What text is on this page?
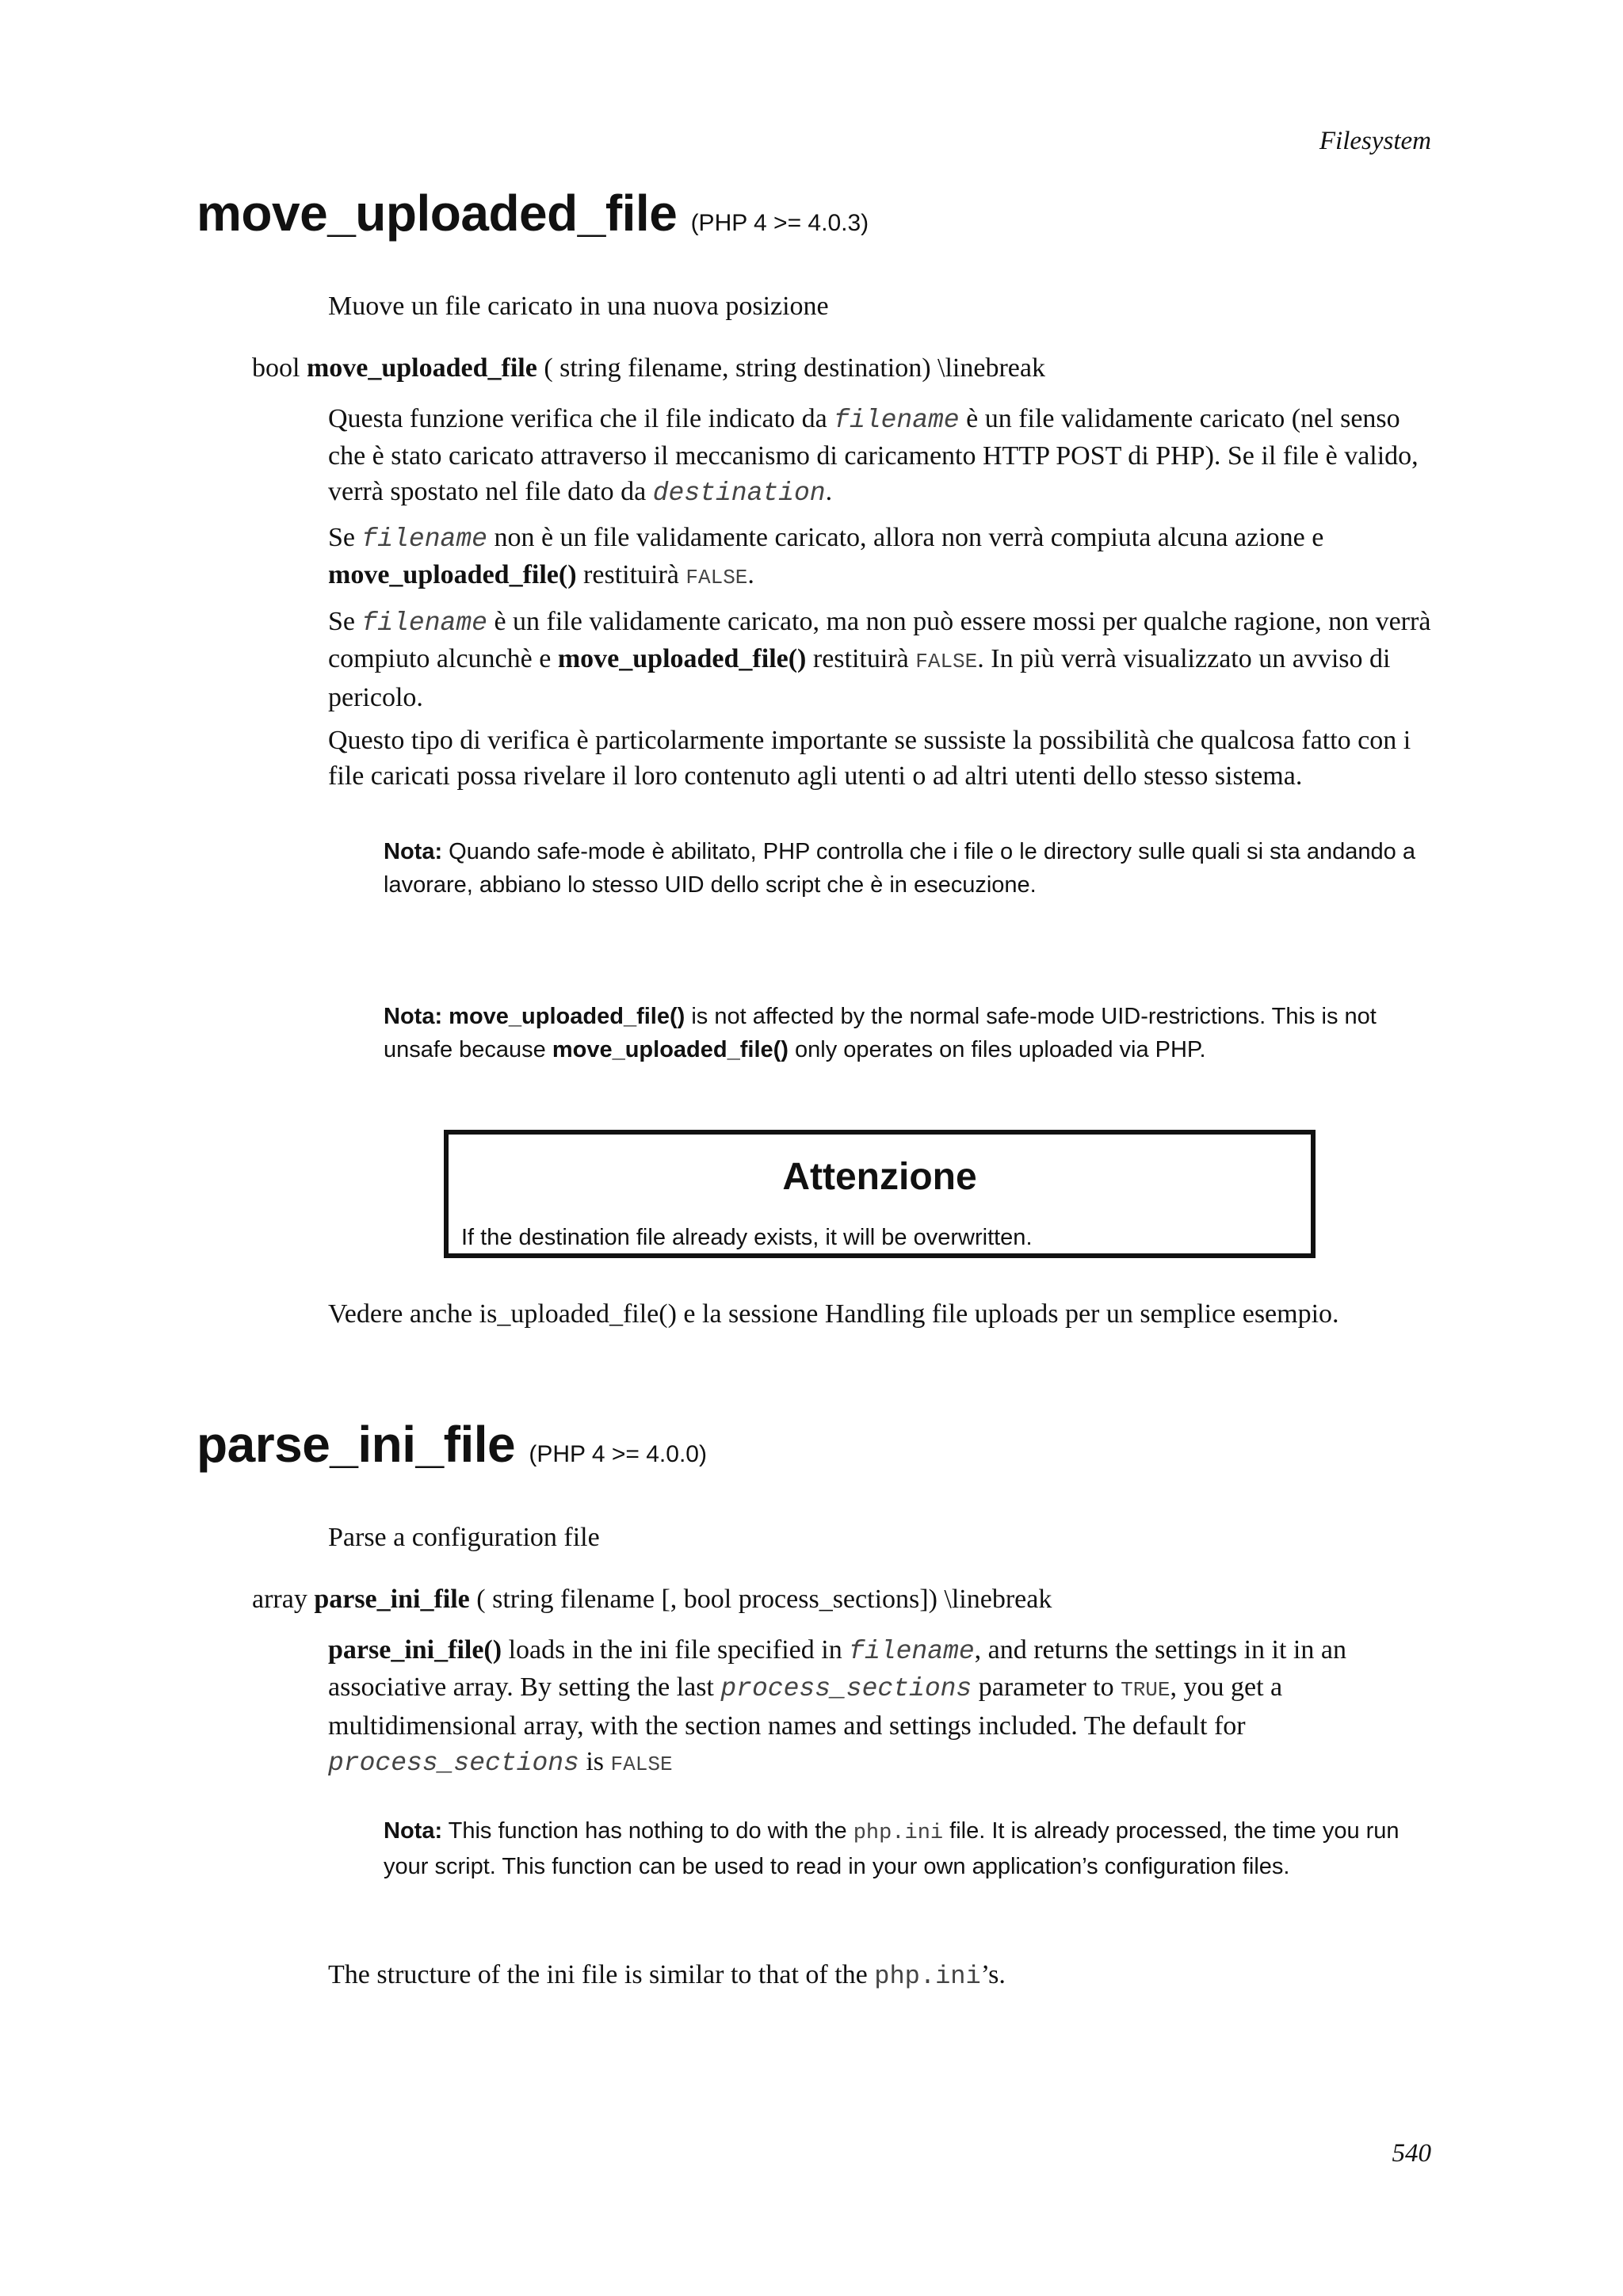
Filesystem
move_uploaded_file (PHP 4 >= 4.0.3)
Muove un file caricato in una nuova posizione
bool move_uploaded_file ( string filename, string destination) \linebreak

Questa funzione verifica che il file indicato da filename è un file validamente caricato (nel senso che è stato caricato attraverso il meccanismo di caricamento HTTP POST di PHP). Se il file è valido, verrà spostato nel file dato da destination.

Se filename non è un file validamente caricato, allora non verrà compiuta alcuna azione e move_uploaded_file() restituirà FALSE.

Se filename è un file validamente caricato, ma non può essere mossi per qualche ragione, non verrà compiuto alcunchè e move_uploaded_file() restituirà FALSE. In più verrà visualizzato un avviso di pericolo.

Questo tipo di verifica è particolarmente importante se sussiste la possibilità che qualcosa fatto con i file caricati possa rivelare il loro contenuto agli utenti o ad altri utenti dello stesso sistema.

Nota: Quando safe-mode è abilitato, PHP controlla che i file o le directory sulle quali si sta andando a lavorare, abbiano lo stesso UID dello script che è in esecuzione.

Nota: move_uploaded_file() is not affected by the normal safe-mode UID-restrictions. This is not unsafe because move_uploaded_file() only operates on files uploaded via PHP.

Attenzione
If the destination file already exists, it will be overwritten.
Vedere anche is_uploaded_file() e la sessione Handling file uploads per un semplice esempio.
parse_ini_file (PHP 4 >= 4.0.0)
Parse a configuration file
array parse_ini_file ( string filename [, bool process_sections]) \linebreak

parse_ini_file() loads in the ini file specified in filename, and returns the settings in it in an associative array. By setting the last process_sections parameter to TRUE, you get a multidimensional array, with the section names and settings included. The default for process_sections is FALSE

Nota: This function has nothing to do with the php.ini file. It is already processed, the time you run your script. This function can be used to read in your own application’s configuration files.

The structure of the ini file is similar to that of the php.ini’s.

540
